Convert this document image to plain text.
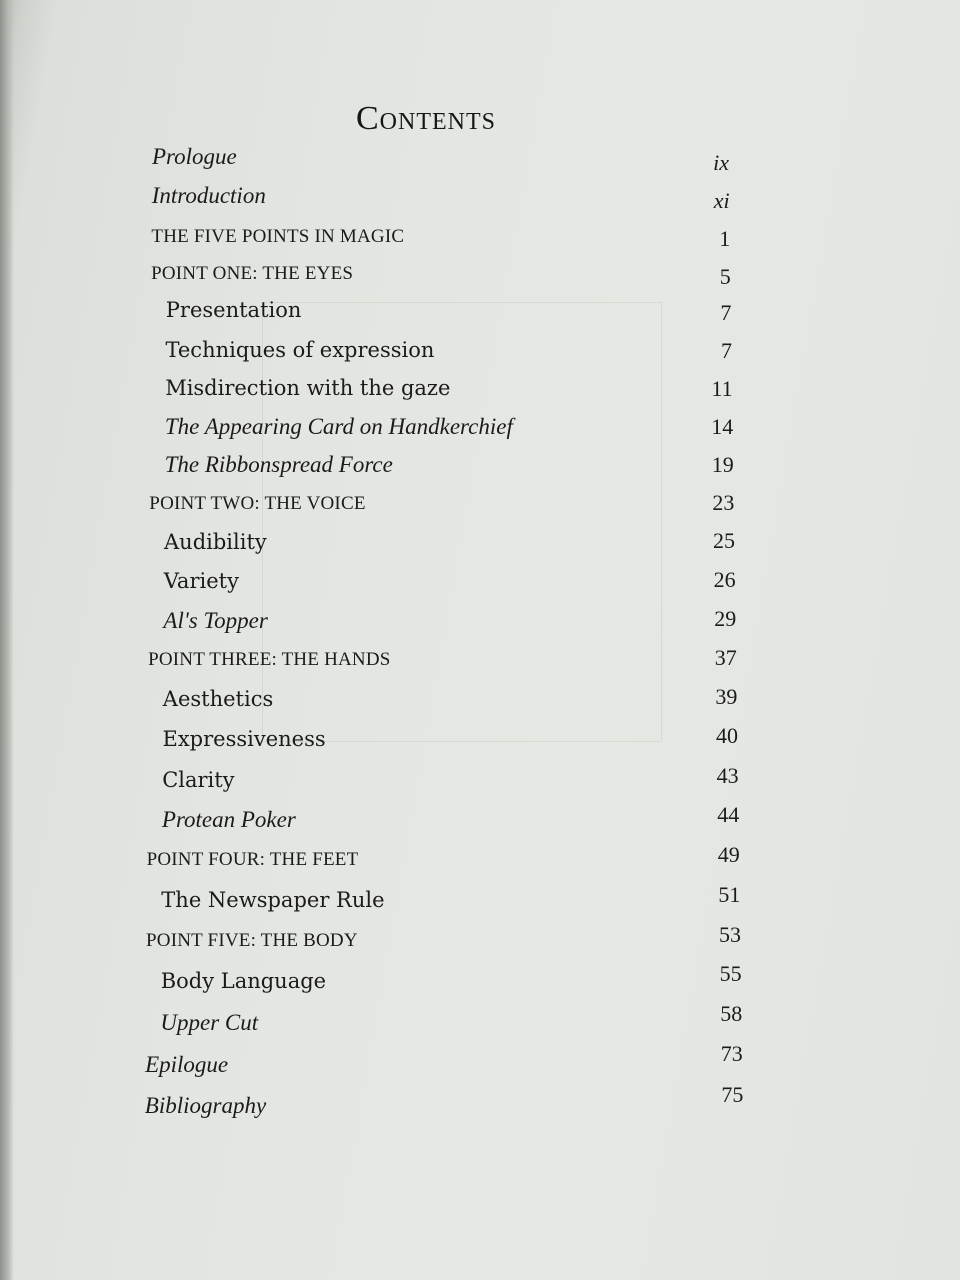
Contents
Prologue	ix
Introduction	xi
THE FIVE POINTS IN MAGIC	1
POINT ONE: THE EYES	5
Presentation	7
Techniques of expression	7
Misdirection with the gaze	11
The Appearing Card on Handkerchief	14
The Ribbonspread Force	19
POINT TWO: THE VOICE	23
Audibility	25
Variety	26
Al's Topper	29
POINT THREE: THE HANDS	37
Aesthetics	39
Expressiveness	40
Clarity	43
Protean Poker	44
POINT FOUR: THE FEET	49
The Newspaper Rule	51
POINT FIVE: THE BODY	53
Body Language	55
Upper Cut	58
Epilogue	73
Bibliography	75
